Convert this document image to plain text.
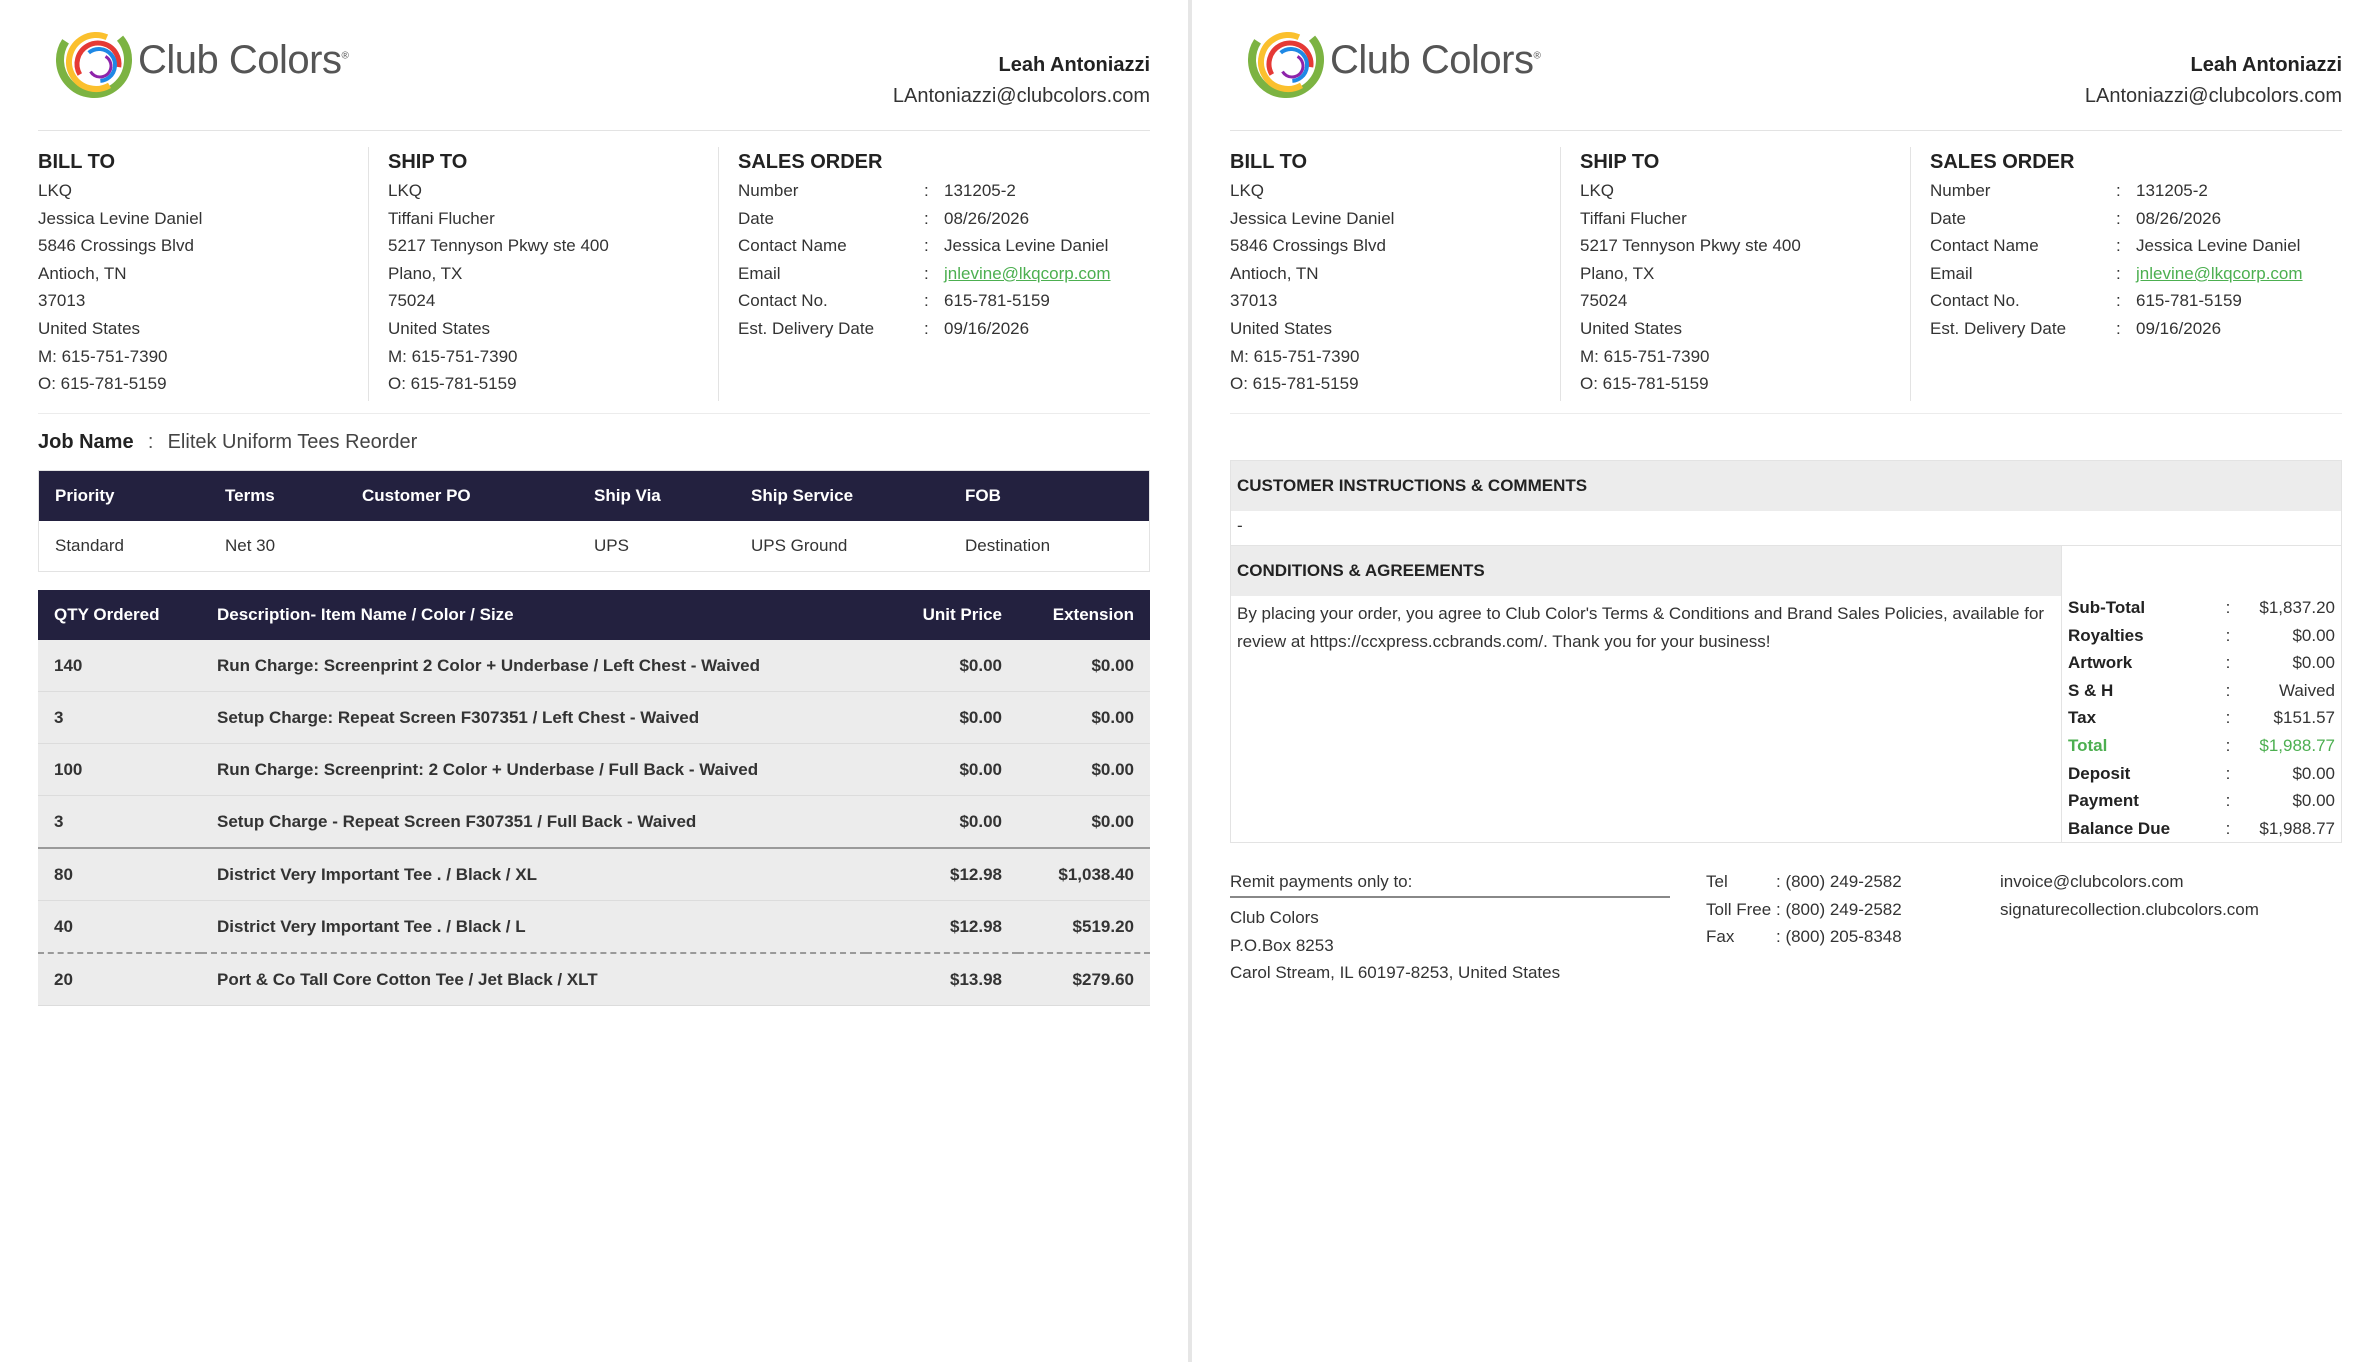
Club Colors®	Leah Antoniazzi
LAntoniazzi@clubcolors.com
BILL TO
LKQ
Jessica Levine Daniel
5846 Crossings Blvd
Antioch, TN
37013
United States
M: 615-751-7390
O: 615-781-5159
SHIP TO
LKQ
Tiffani Flucher
5217 Tennyson Pkwy ste 400
Plano, TX
75024
United States
M: 615-751-7390
O: 615-781-5159
SALES ORDER
Number	: 131205-2
Date	: 08/26/2026
Contact Name	: Jessica Levine Daniel
Email	: jnlevine@lkqcorp.com
Contact No.	: 615-781-5159
Est. Delivery Date	: 09/16/2026
Job Name : Elitek Uniform Tees Reorder
Priority	Terms	Customer PO	Ship Via	Ship Service	FOB
Standard	Net 30		UPS	UPS Ground	Destination
QTY Ordered	Description- Item Name / Color / Size	Unit Price	Extension
140	Run Charge: Screenprint 2 Color + Underbase / Left Chest - Waived	$0.00	$0.00
3	Setup Charge: Repeat Screen F307351 / Left Chest - Waived	$0.00	$0.00
100	Run Charge: Screenprint: 2 Color + Underbase / Full Back - Waived	$0.00	$0.00
3	Setup Charge - Repeat Screen F307351 / Full Back - Waived	$0.00	$0.00
80	District Very Important Tee . / Black / XL	$12.98	$1,038.40
40	District Very Important Tee . / Black / L	$12.98	$519.20
20	Port & Co Tall Core Cotton Tee / Jet Black / XLT	$13.98	$279.60
Club Colors®	Leah Antoniazzi
LAntoniazzi@clubcolors.com
BILL TO
LKQ
Jessica Levine Daniel
5846 Crossings Blvd
Antioch, TN
37013
United States
M: 615-751-7390
O: 615-781-5159
SHIP TO
LKQ
Tiffani Flucher
5217 Tennyson Pkwy ste 400
Plano, TX
75024
United States
M: 615-751-7390
O: 615-781-5159
SALES ORDER
Number	: 131205-2
Date	: 08/26/2026
Contact Name	: Jessica Levine Daniel
Email	: jnlevine@lkqcorp.com
Contact No.	: 615-781-5159
Est. Delivery Date	: 09/16/2026
CUSTOMER INSTRUCTIONS & COMMENTS
-
CONDITIONS & AGREEMENTS
By placing your order, you agree to Club Color's Terms & Conditions and Brand Sales Policies, available for review at https://ccxpress.ccbrands.com/. Thank you for your business!
Sub-Total	:	$1,837.20
Royalties	:	$0.00
Artwork	:	$0.00
S & H	:	Waived
Tax	:	$151.57
Total	:	$1,988.77
Deposit	:	$0.00
Payment	:	$0.00
Balance Due	:	$1,988.77
Remit payments only to:
Club Colors
P.O.Box 8253
Carol Stream, IL 60197-8253, United States
Tel	: (800) 249-2582
Toll Free : (800) 249-2582
Fax	: (800) 205-8348
invoice@clubcolors.com
signaturecollection.clubcolors.com
